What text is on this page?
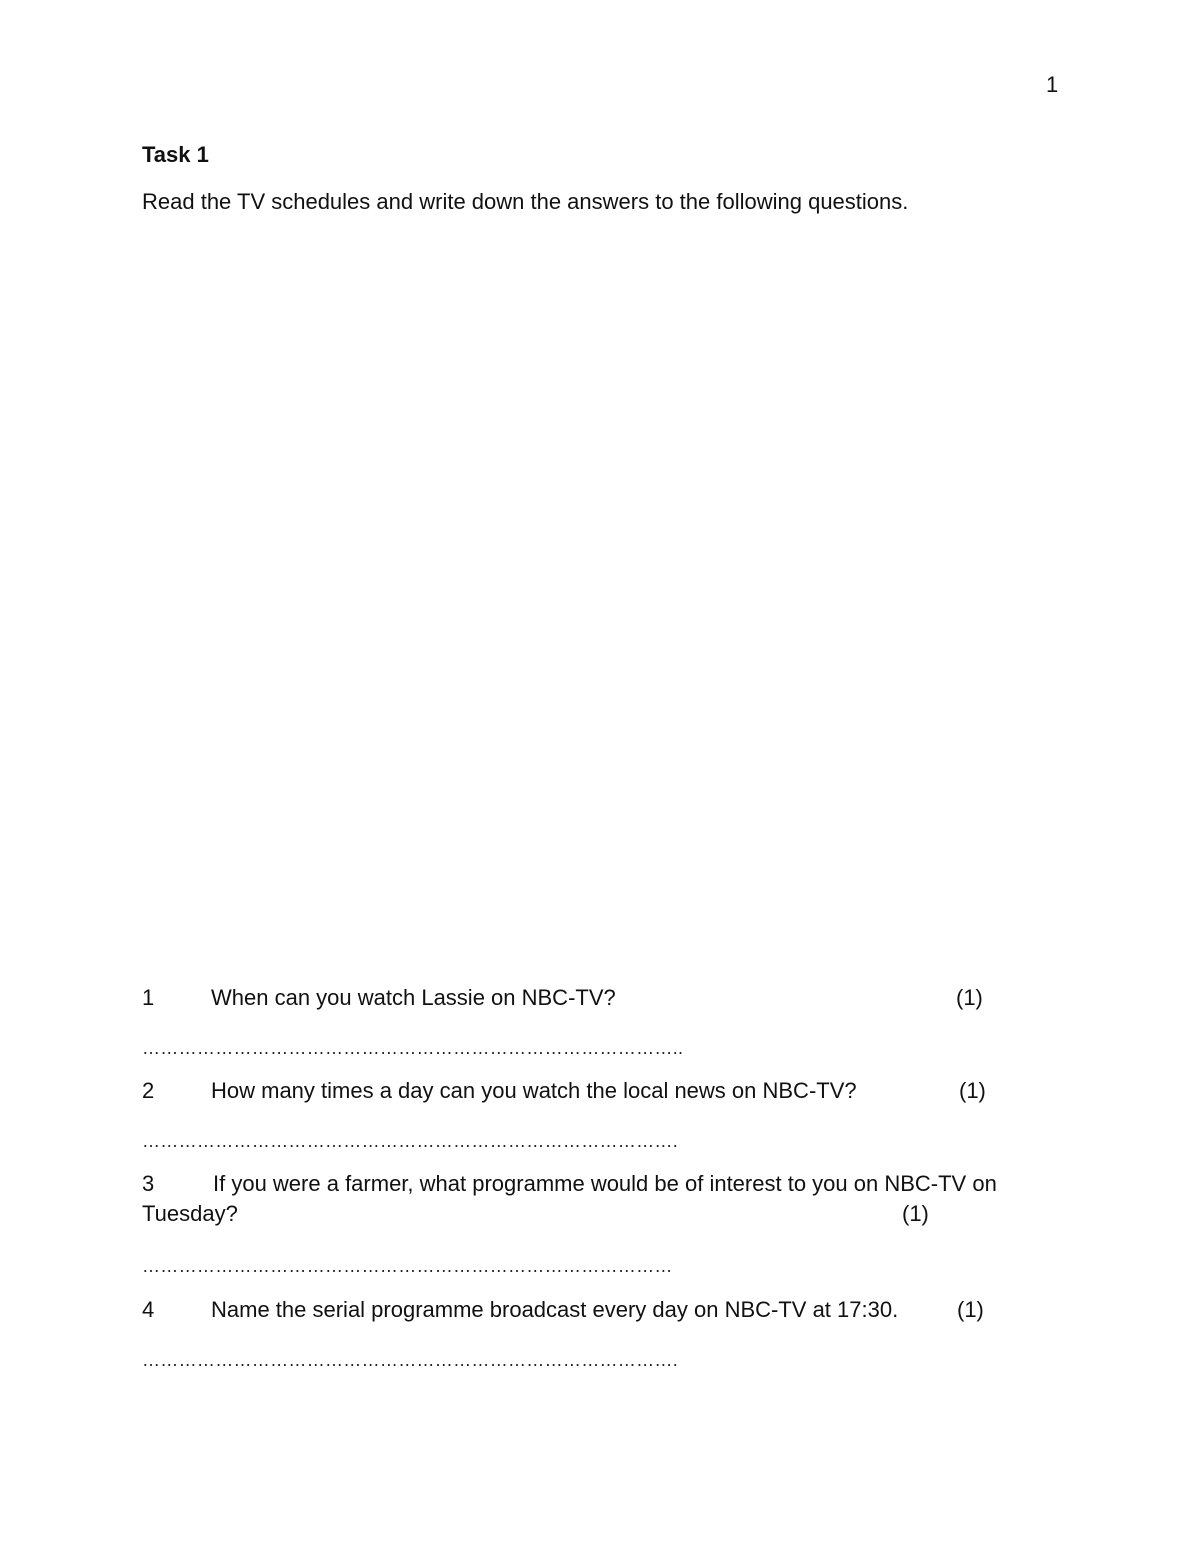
1
Task 1
Read the TV schedules and write down the answers to the following questions.
1	When can you watch Lassie on NBC-TV?	(1)
……………………………………………………………………………..
2	How many times a day can you watch the local news on NBC-TV?	(1)
…………………………………………………………………………….
3	If you were a farmer, what programme would be of interest to you on NBC-TV on
Tuesday?	(1)
……………………………………………………………………………
4	Name the serial programme broadcast every day on NBC-TV at 17:30.	(1)
…………………………………………………………………………….
